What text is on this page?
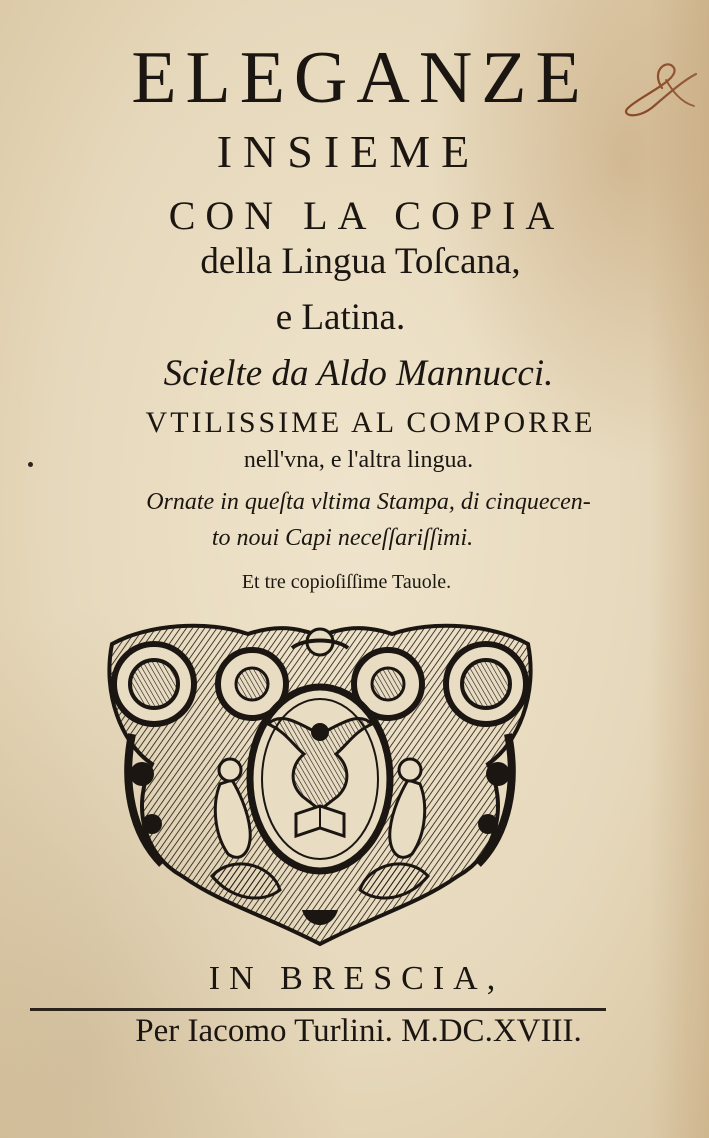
ELEGANZE
INSIEME
CON LA COPIA
della Lingua Toſcana,
e Latina.
Scielte da Aldo Mannucci.
VTILISSIME AL COMPORRE
nell'vna, e l'altra lingua.
Ornate in queſta vltima Stampa, di cinquecen-
to noui Capi neceſſariſſimi.
Et tre copioſiſſime Tauole.
IN BRESCIA,
Per Iacomo Turlini. M.DC.XVIII.
